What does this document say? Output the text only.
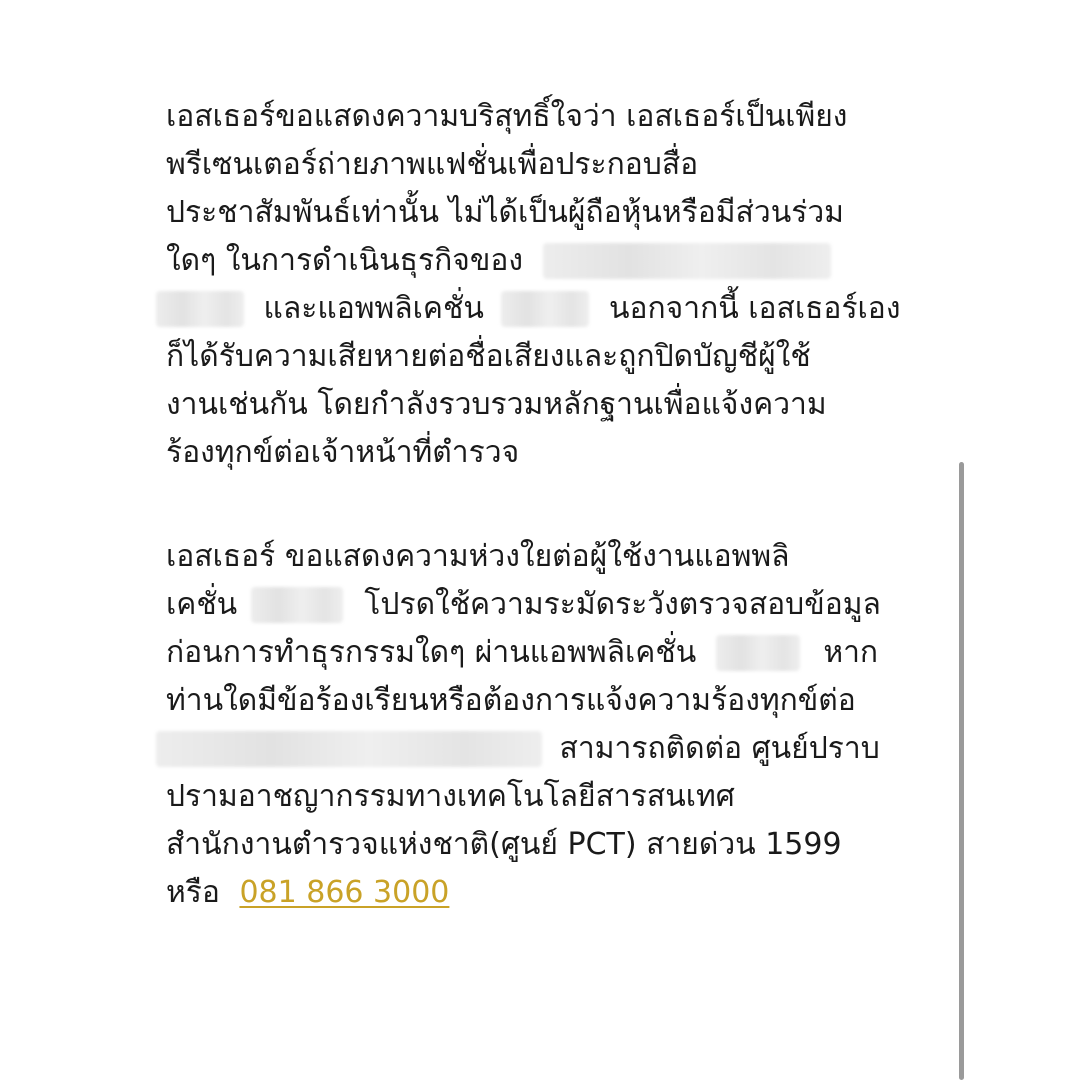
เอสเธอร์ขอแสดงความบริสุทธิ์ใจว่า เอสเธอร์เป็นเพียง
พรีเซนเตอร์ถ่ายภาพแฟชั่นเพื่อประกอบสื่อ
ประชาสัมพันธ์เท่านั้น ไม่ได้เป็นผู้ถือหุ้นหรือมีส่วนร่วม
ใดๆ ในการดำเนินธุรกิจของ
และแอพพลิเคชั่น	นอกจากนี้ เอสเธอร์เอง
ก็ได้รับความเสียหายต่อชื่อเสียงและถูกปิดบัญชีผู้ใช้
งานเช่นกัน โดยกำลังรวบรวมหลักฐานเพื่อแจ้งความ
ร้องทุกข์ต่อเจ้าหน้าที่ตำรวจ
เอสเธอร์ ขอแสดงความห่วงใยต่อผู้ใช้งานแอพพลิ
เคชั่น	โปรดใช้ความระมัดระวังตรวจสอบข้อมูล
ก่อนการทำธุรกรรมใดๆ ผ่านแอพพลิเคชั่น	หาก
ท่านใดมีข้อร้องเรียนหรือต้องการแจ้งความร้องทุกข์ต่อ
สามารถติดต่อ ศูนย์ปราบ
ปรามอาชญากรรมทางเทคโนโลยีสารสนเทศ
สำนักงานตำรวจแห่งชาติ(ศูนย์ PCT) สายด่วน 1599
หรือ 081 866 3000
